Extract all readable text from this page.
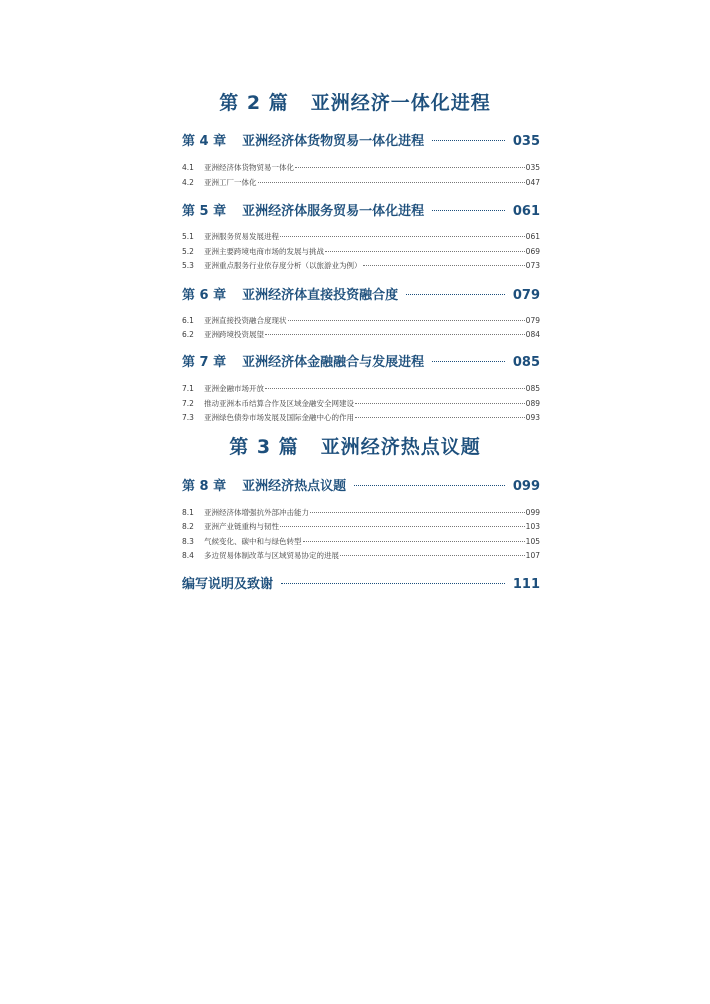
第 2 篇 亚洲经济一体化进程
第 4 章 亚洲经济体货物贸易一体化进程	035
4.1	亚洲经济体货物贸易一体化	035
4.2	亚洲工厂一体化	047
第 5 章 亚洲经济体服务贸易一体化进程	061
5.1	亚洲服务贸易发展进程	061
5.2	亚洲主要跨境电商市场的发展与挑战	069
5.3	亚洲重点服务行业依存度分析（以旅游业为例）	073
第 6 章 亚洲经济体直接投资融合度	079
6.1	亚洲直接投资融合度现状	079
6.2	亚洲跨境投资展望	084
第 7 章 亚洲经济体金融融合与发展进程	085
7.1	亚洲金融市场开放	085
7.2	推动亚洲本币结算合作及区域金融安全网建设	089
7.3	亚洲绿色债券市场发展及国际金融中心的作用	093
第 3 篇 亚洲经济热点议题
第 8 章 亚洲经济热点议题	099
8.1	亚洲经济体增强抗外部冲击能力	099
8.2	亚洲产业链重构与韧性	103
8.3	气候变化、碳中和与绿色转型	105
8.4	多边贸易体制改革与区域贸易协定的进展	107
编写说明及致谢	111
